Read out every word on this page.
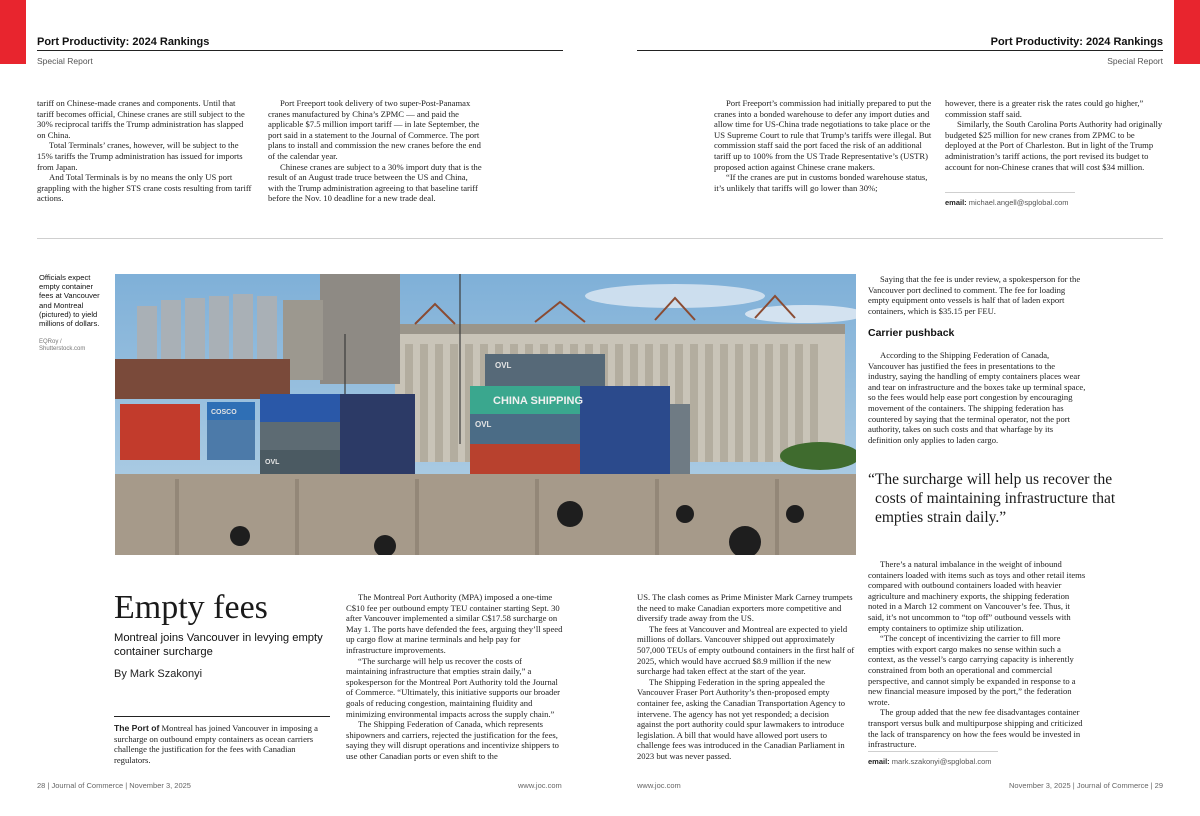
Port Productivity: 2024 Rankings
Special Report
Port Productivity: 2024 Rankings
Special Report

tariff on Chinese-made cranes and components. Until that tariff becomes official, Chinese cranes are still subject to the 30% reciprocal tariffs the Trump administration has slapped on China.

Total Terminals’ cranes, however, will be subject to the 15% tariffs the Trump administration has issued for imports from Japan.

And Total Terminals is by no means the only US port grappling with the higher STS crane costs resulting from tariff actions.

Port Freeport took delivery of two super-Post-Panamax cranes manufactured by China’s ZPMC — and paid the applicable $7.5 million import tariff — in late September, the port said in a statement to the Journal of Commerce. The port plans to install and commission the new cranes before the end of the calendar year.

Chinese cranes are subject to a 30% import duty that is the result of an August trade truce between the US and China, with the Trump administration agreeing to that baseline tariff before the Nov. 10 deadline for a new trade deal.

Port Freeport’s commission had initially prepared to put the cranes into a bonded warehouse to defer any import duties and allow time for US-China trade negotiations to take place or the US Supreme Court to rule that Trump’s tariffs were illegal. But commission staff said the port faced the risk of an additional tariff up to 100% from the US Trade Representative’s (USTR) proposed action against Chinese crane makers.

“If the cranes are put in customs bonded warehouse status, it’s unlikely that tariffs will go lower than 30%;

however, there is a greater risk the rates could go higher,” commission staff said.

Similarly, the South Carolina Ports Authority had originally budgeted $25 million for new cranes from ZPMC to be deployed at the Port of Charleston. But in light of the Trump administration’s tariff actions, the port revised its budget to account for non-Chinese cranes that will cost $34 million.

email: michael.angell@spglobal.com
Officials expect empty container fees at Vancouver and Montreal (pictured) to yield millions of dollars.
EQRoy / Shutterstock.com
OVL
CHINA SHIPPING
OVL
COSCO
OVL
Empty fees
Montreal joins Vancouver in levying empty container surcharge
By Mark Szakonyi

The Port of Montreal has joined Vancouver in imposing a surcharge on outbound empty containers as ocean carriers challenge the justification for the fees with Canadian regulators.

The Montreal Port Authority (MPA) imposed a one-time C$10 fee per outbound empty TEU container starting Sept. 30 after Vancouver implemented a similar C$17.58 surcharge on May 1. The ports have defended the fees, arguing they’ll speed up cargo flow at marine terminals and help pay for infrastructure improvements.

“The surcharge will help us recover the costs of maintaining infrastructure that empties strain daily,” a spokesperson for the Montreal Port Authority told the Journal of Commerce. “Ultimately, this initiative supports our broader goals of reducing congestion, maintaining fluidity and minimizing environmental impacts across the supply chain.”

The Shipping Federation of Canada, which represents shipowners and carriers, rejected the justification for the fees, saying they will disrupt operations and incentivize shippers to use other Canadian ports or even shift to the

US. The clash comes as Prime Minister Mark Carney trumpets the need to make Canadian exporters more competitive and diversify trade away from the US.

The fees at Vancouver and Montreal are expected to yield millions of dollars. Vancouver shipped out approximately 507,000 TEUs of empty outbound containers in the first half of 2025, which would have accrued $8.9 million if the new surcharge had taken effect at the start of the year.

The Shipping Federation in the spring appealed the Vancouver Fraser Port Authority’s then-proposed empty container fee, asking the Canadian Transportation Agency to intervene. The agency has not yet responded; a decision against the port authority could spur lawmakers to introduce legislation. A bill that would have allowed port users to challenge fees was introduced in the Canadian Parliament in 2023 but was never passed.

Saying that the fee is under review, a spokesperson for the Vancouver port declined to comment. The fee for loading empty equipment onto vessels is half that of laden export containers, which is $35.15 per FEU.

Carrier pushback

According to the Shipping Federation of Canada, Vancouver has justified the fees in presentations to the industry, saying the handling of empty containers places wear and tear on infrastructure and the boxes take up terminal space, so the fees would help ease port congestion by encouraging movement of the containers. The shipping federation has countered by saying that the terminal operator, not the port authority, takes on such costs and that wharfage by its definition only applies to laden cargo.

“The surcharge will help us recover the costs of maintaining infrastructure that empties strain daily.”

There’s a natural imbalance in the weight of inbound containers loaded with items such as toys and other retail items compared with outbound containers loaded with heavier agriculture and machinery exports, the shipping federation noted in a March 12 comment on Vancouver’s fee. Thus, it said, it’s not uncommon to “top off” outbound vessels with empty containers to optimize ship utilization.

“The concept of incentivizing the carrier to fill more empties with export cargo makes no sense within such a context, as the vessel’s cargo carrying capacity is inherently constrained from both an operational and commercial perspective, and cannot simply be expanded in response to a new financial measure imposed by the port,” the federation wrote.

The group added that the new fee disadvantages container transport versus bulk and multipurpose shipping and criticized the lack of transparency on how the fees would be invested in infrastructure.

email: mark.szakonyi@spglobal.com
28 | Journal of Commerce | November 3, 2025	www.joc.com	www.joc.com	November 3, 2025 | Journal of Commerce | 29
